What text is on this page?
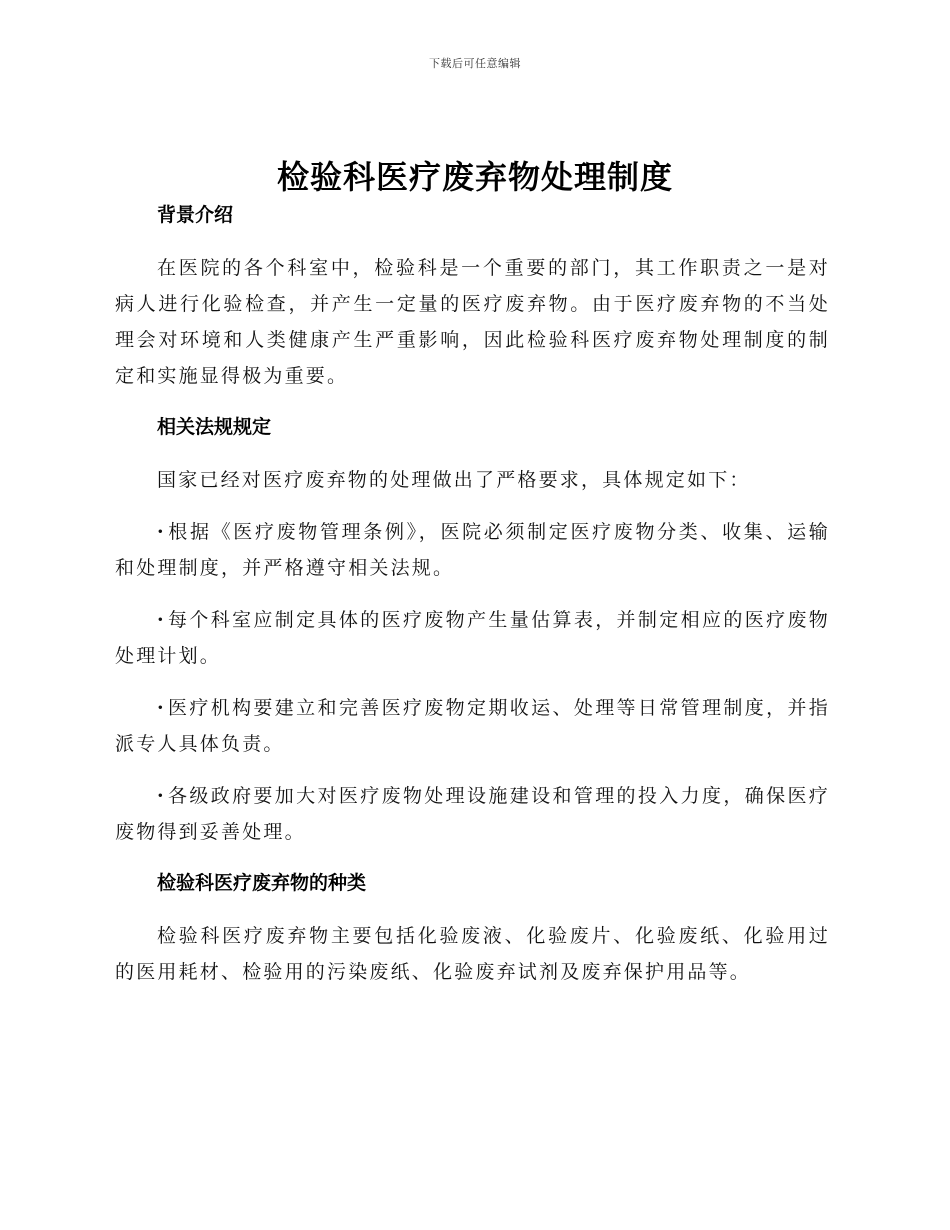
下载后可任意编辑
检验科医疗废弃物处理制度
背景介绍

在医院的各个科室中，检验科是一个重要的部门，其工作职责之一是对病人进行化验检查，并产生一定量的医疗废弃物。由于医疗废弃物的不当处理会对环境和人类健康产生严重影响，因此检验科医疗废弃物处理制度的制定和实施显得极为重要。

相关法规规定

国家已经对医疗废弃物的处理做出了严格要求，具体规定如下：

· 根据《医疗废物管理条例》，医院必须制定医疗废物分类、收集、运输和处理制度，并严格遵守相关法规。

· 每个科室应制定具体的医疗废物产生量估算表，并制定相应的医疗废物处理计划。

· 医疗机构要建立和完善医疗废物定期收运、处理等日常管理制度，并指派专人具体负责。

· 各级政府要加大对医疗废物处理设施建设和管理的投入力度，确保医疗废物得到妥善处理。

检验科医疗废弃物的种类

检验科医疗废弃物主要包括化验废液、化验废片、化验废纸、化验用过的医用耗材、检验用的污染废纸、化验废弃试剂及废弃保护用品等。
